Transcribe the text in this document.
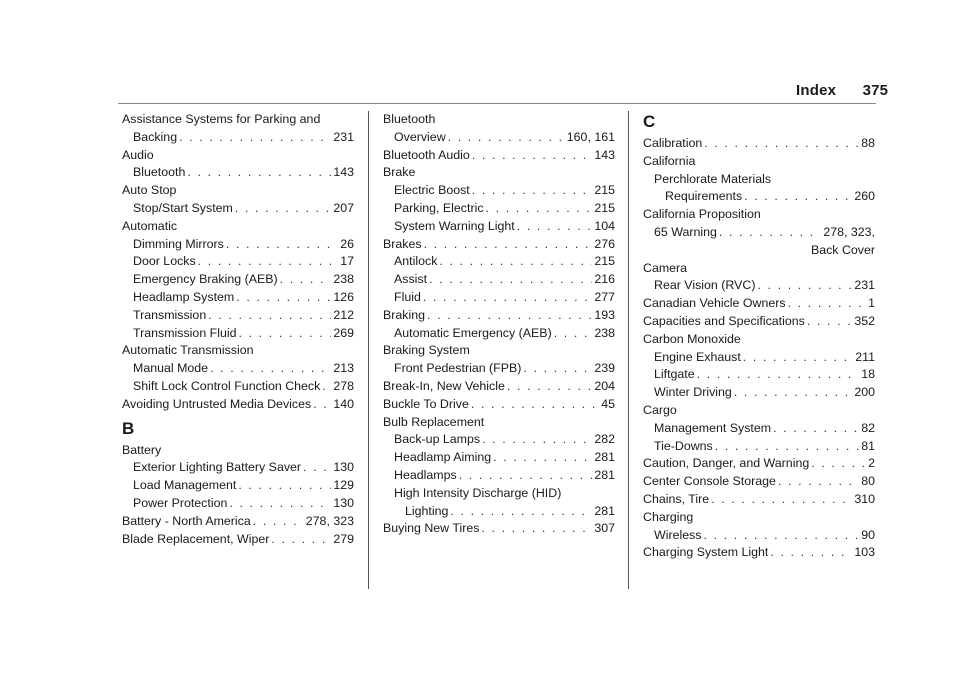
Index 375
Assistance Systems for Parking and
Backing . . .	231
Audio
Bluetooth . . .	143
Auto Stop
Stop/Start System . . .	207
Automatic
Dimming Mirrors . . .	26
Door Locks . . .	17
Emergency Braking (AEB) . . .	238
Headlamp System . . .	126
Transmission . . .	212
Transmission Fluid . . .	269
Automatic Transmission
Manual Mode . . .	213
Shift Lock Control Function Check . . . 278
Avoiding Untrusted Media Devices . . . 140
B
Battery
Exterior Lighting Battery Saver . . .	130
Load Management . . .	129
Power Protection . . .	130
Battery - North America . . .	278, 323
Blade Replacement, Wiper . . .	279
Bluetooth
Overview . . .	160, 161
Bluetooth Audio . . .	143
Brake
Electric Boost . . .	215
Parking, Electric . . .	215
System Warning Light . . .	104
Brakes . . .	276
Antilock . . .	215
Assist . . .	216
Fluid . . .	277
Braking . . .	193
Automatic Emergency (AEB) . . .	238
Braking System
Front Pedestrian (FPB) . . .	239
Break-In, New Vehicle . . .	204
Buckle To Drive . . .	45
Bulb Replacement
Back-up Lamps . . .	282
Headlamp Aiming . . .	281
Headlamps . . .	281
High Intensity Discharge (HID)
Lighting . . .	281
Buying New Tires . . .	307
C
Calibration . . .	88
California
Perchlorate Materials
Requirements . . .	260
California Proposition
65 Warning . . .	278, 323,
Back Cover
Camera
Rear Vision (RVC) . . .	231
Canadian Vehicle Owners . . .	1
Capacities and Specifications . . .	352
Carbon Monoxide
Engine Exhaust . . .	211
Liftgate . . .	18
Winter Driving . . .	200
Cargo
Management System . . .	82
Tie-Downs . . .	81
Caution, Danger, and Warning . . .	2
Center Console Storage . . .	80
Chains, Tire . . .	310
Charging
Wireless . . .	90
Charging System Light . . .	103
